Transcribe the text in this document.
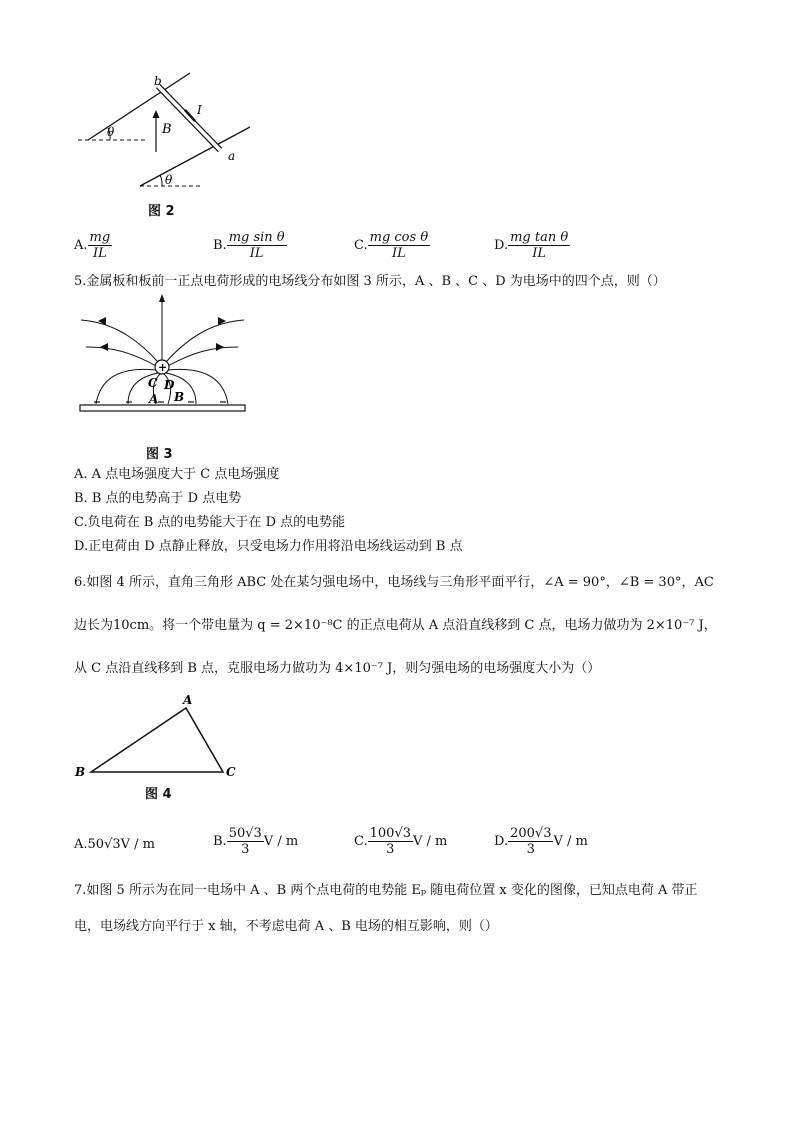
b
a
I
B
θ
θ
图 2
A. $\frac{mg}{IL}$	B. $\frac{\text{mg sin θ}}{IL}$	C. $\frac{\text{mg cos θ}}{IL}$	D. $\frac{\text{mg tan θ}}{IL}$
5.金属板和板前一正点电荷形成的电场线分布如图 3 所示，A 、B 、C 、D 为电场中的四个点，则（）
+
C D
A B
图 3
A. A 点电场强度大于 C 点电场强度
B. B 点的电势高于 D 点电势
C.负电荷在 B 点的电势能大于在 D 点的电势能
D.正电荷由 D 点静止释放，只受电场力作用将沿电场线运动到 B 点
6.如图 4 所示，直角三角形 ABC 处在某匀强电场中，电场线与三角形平面平行，∠A = 90°，∠B = 30°，AC
边长为10cm。将一个带电量为 q = 2×10⁻⁸C 的正点电荷从 A 点沿直线移到 C 点，电场力做功为 2×10⁻⁷ J，
从 C 点沿直线移到 B 点，克服电场力做功为 4×10⁻⁷ J，则匀强电场的电场强度大小为（）
A
B	C
图 4
A. 50√3V / m	B. $\frac{50√3}{3}$ V / m	C. $\frac{100√3}{3}$ V / m	D. $\frac{200√3}{3}$ V / m
7.如图 5 所示为在同一电场中 A 、B 两个点电荷的电势能 Eₚ 随电荷位置 x 变化的图像，已知点电荷 A 带正
电，电场线方向平行于 x 轴，不考虑电荷 A 、B 电场的相互影响，则（）
